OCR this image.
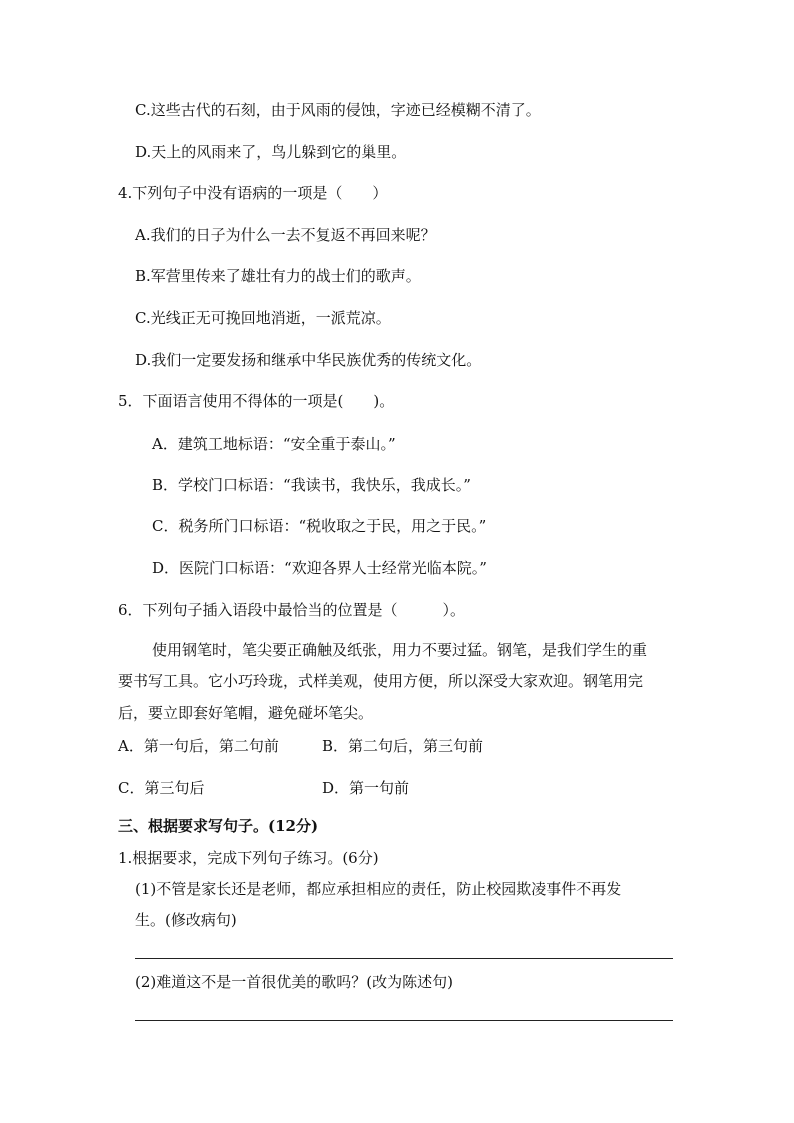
C.这些古代的石刻，由于风雨的侵蚀，字迹已经模糊不清了。
D.天上的风雨来了，鸟儿躲到它的巢里。
4.下列句子中没有语病的一项是（　　）
A.我们的日子为什么一去不复返不再回来呢？
B.军营里传来了雄壮有力的战士们的歌声。
C.光线正无可挽回地消逝，一派荒凉。
D.我们一定要发扬和继承中华民族优秀的传统文化。
5．下面语言使用不得体的一项是(　　)。
A．建筑工地标语：“安全重于泰山。”
B．学校门口标语：“我读书，我快乐，我成长。”
C．税务所门口标语：“税收取之于民，用之于民。”
D．医院门口标语：“欢迎各界人士经常光临本院。”
6．下列句子插入语段中最恰当的位置是（　　　）。
使用钢笔时，笔尖要正确触及纸张，用力不要过猛。钢笔，是我们学生的重
要书写工具。它小巧玲珑，式样美观，使用方便，所以深受大家欢迎。钢笔用完
后，要立即套好笔帽，避免碰坏笔尖。
A．第一句后，第二句前	B．第二句后，第三句前
C．第三句后	D．第一句前
三、根据要求写句子。(12分)
1.根据要求，完成下列句子练习。(6分)
(1)不管是家长还是老师，都应承担相应的责任，防止校园欺凌事件不再发
生。(修改病句)
(2)难道这不是一首很优美的歌吗？(改为陈述句)
